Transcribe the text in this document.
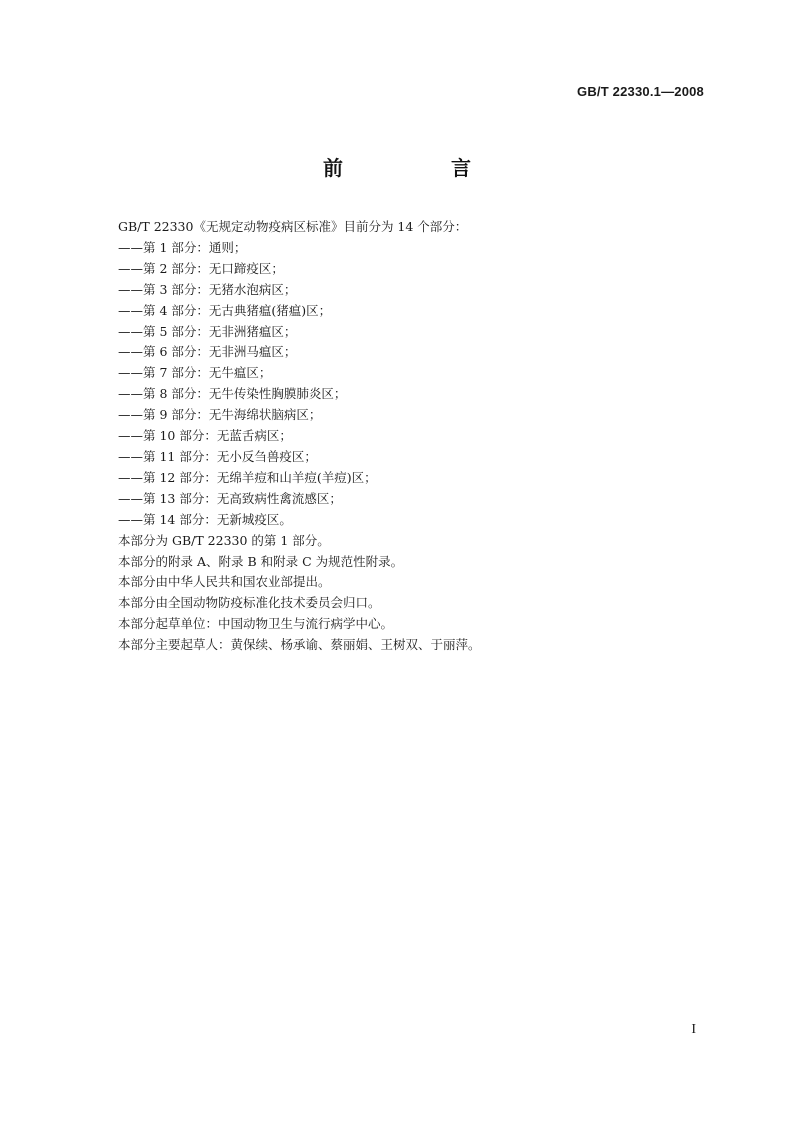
GB/T 22330.1—2008
前　言
GB/T 22330《无规定动物疫病区标准》目前分为 14 个部分：
——第 1 部分：通则；
——第 2 部分：无口蹄疫区；
——第 3 部分：无猪水泡病区；
——第 4 部分：无古典猪瘟(猪瘟)区；
——第 5 部分：无非洲猪瘟区；
——第 6 部分：无非洲马瘟区；
——第 7 部分：无牛瘟区；
——第 8 部分：无牛传染性胸膜肺炎区；
——第 9 部分：无牛海绵状脑病区；
——第 10 部分：无蓝舌病区；
——第 11 部分：无小反刍兽疫区；
——第 12 部分：无绵羊痘和山羊痘(羊痘)区；
——第 13 部分：无高致病性禽流感区；
——第 14 部分：无新城疫区。
本部分为 GB/T 22330 的第 1 部分。
本部分的附录 A、附录 B 和附录 C 为规范性附录。
本部分由中华人民共和国农业部提出。
本部分由全国动物防疫标准化技术委员会归口。
本部分起草单位：中国动物卫生与流行病学中心。
本部分主要起草人：黄保续、杨承谕、蔡丽娟、王树双、于丽萍。
I
